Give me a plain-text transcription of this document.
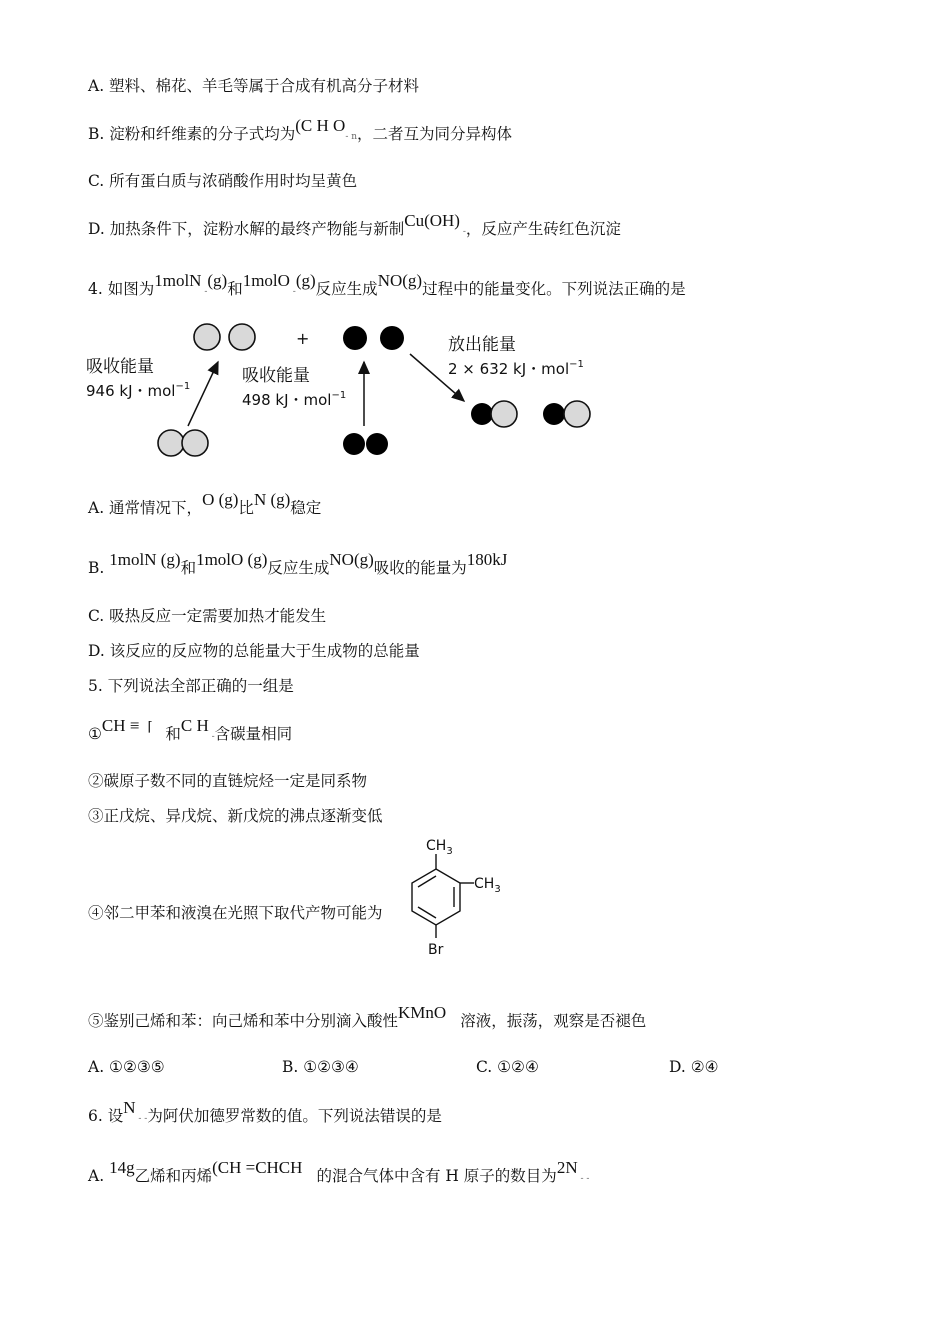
A. 塑料、棉花、羊毛等属于合成有机高分子材料
B. 淀粉和纤维素的分子式均为(C H O- n，二者互为同分异构体
C. 所有蛋白质与浓硝酸作用时均呈黄色
D. 加热条件下，淀粉水解的最终产物能与新制Cu(OH) -，反应产生砖红色沉淀
4. 如图为1molN -(g)和1molO -(g)反应生成NO(g)过程中的能量变化。下列说法正确的是
+
吸收能量
946 kJ・mol$^{-1}$
吸收能量
498 kJ・mol$^{-1}$
放出能量
2 × 632 kJ・mol$^{-1}$
A. 通常情况下，O (g)比N (g)稳定
B. 1molN (g)和1molO (g)反应生成NO(g)吸收的能量为180kJ
C. 吸热反应一定需要加热才能发生
D. 该反应的反应物的总能量大于生成物的总能量
5. 下列说法全部正确的一组是
①CH ≡  ⌈ 和C H -含碳量相同
②碳原子数不同的直链烷烃一定是同系物
③正戊烷、异戊烷、新戊烷的沸点逐渐变低
④邻二甲苯和液溴在光照下取代产物可能为
$CH_3$
$CH_3$
Br
⑤鉴别己烯和苯：向己烯和苯中分别滴入酸性KMnO 溶液，振荡，观察是否褪色
A. ①②③⑤	B. ①②③④	C. ①②④	D. ②④
6. 设N - -为阿伏加德罗常数的值。下列说法错误的是
A. 14g乙烯和丙烯(CH =CHCH 的混合气体中含有 H 原子的数目为2N - -
